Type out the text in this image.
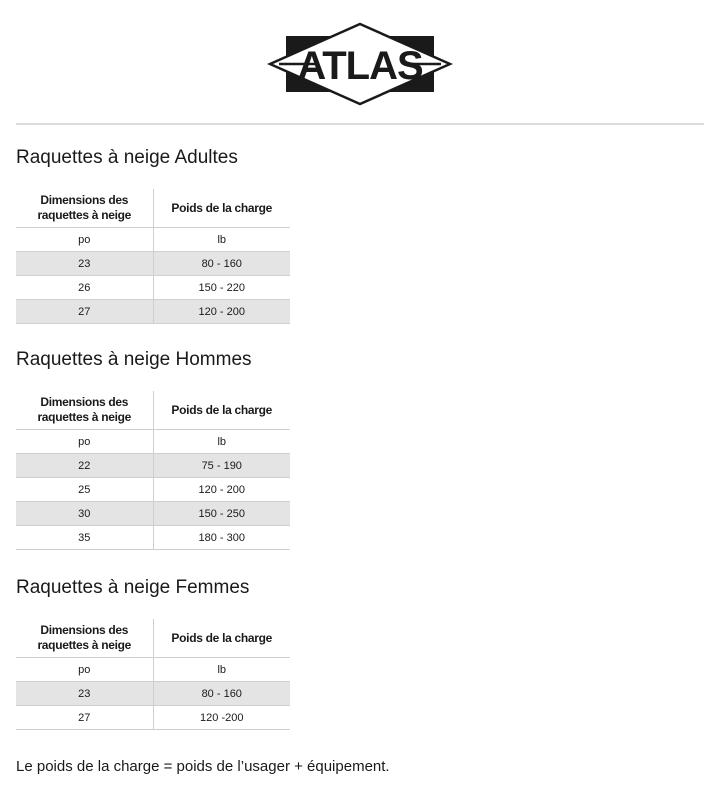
ATLAS
Raquettes à neige Adultes
Dimensions des raquettes à neige	Poids de la charge
po	lb
23	80 - 160
26	150 - 220
27	120 - 200
Raquettes à neige Hommes
Dimensions des raquettes à neige	Poids de la charge
po	lb
22	75 - 190
25	120 - 200
30	150 - 250
35	180 - 300
Raquettes à neige Femmes
Dimensions des raquettes à neige	Poids de la charge
po	lb
23	80 - 160
27	120 -200
Le poids de la charge = poids de l’usager + équipement.
